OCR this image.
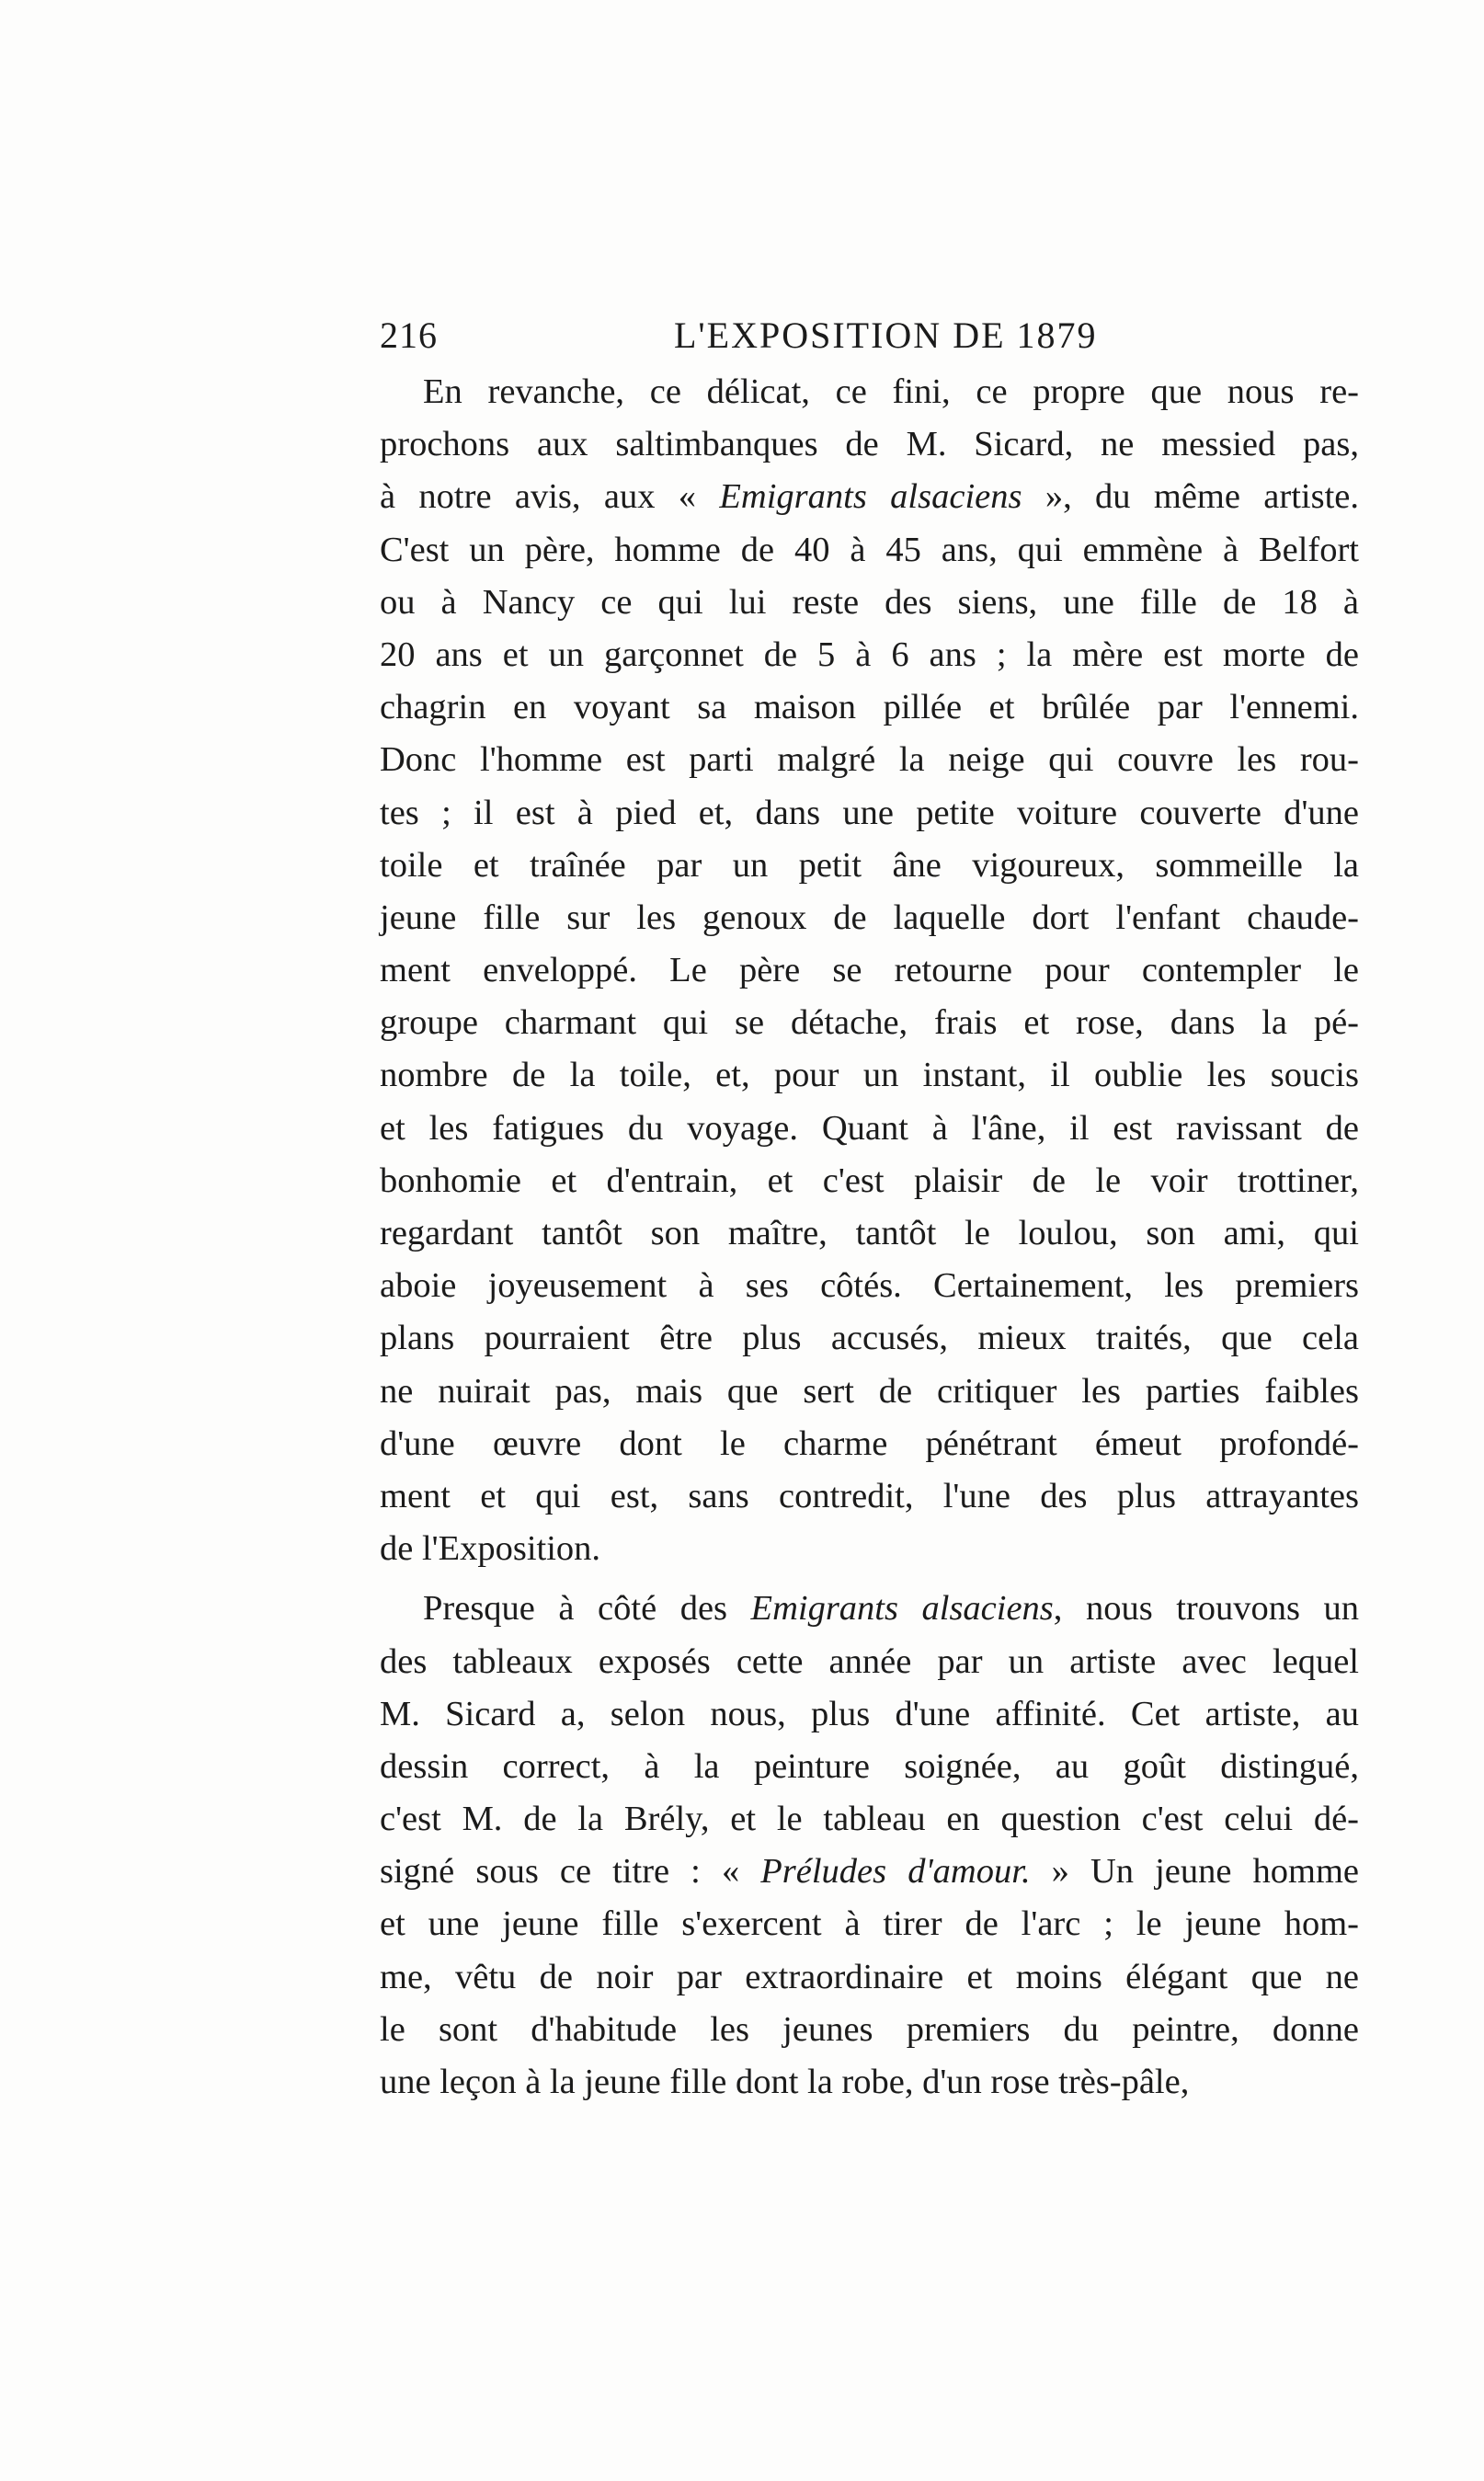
216	L'EXPOSITION DE 1879
En revanche, ce délicat, ce fini, ce propre que nous re-
prochons aux saltimbanques de M. Sicard, ne messied pas,
à notre avis, aux « Emigrants alsaciens », du même artiste.
C'est un père, homme de 40 à 45 ans, qui emmène à Belfort
ou à Nancy ce qui lui reste des siens, une fille de 18 à
20 ans et un garçonnet de 5 à 6 ans ; la mère est morte de
chagrin en voyant sa maison pillée et brûlée par l'ennemi.
Donc l'homme est parti malgré la neige qui couvre les rou-
tes ; il est à pied et, dans une petite voiture couverte d'une
toile et traînée par un petit âne vigoureux, sommeille la
jeune fille sur les genoux de laquelle dort l'enfant chaude-
ment enveloppé. Le père se retourne pour contempler le
groupe charmant qui se détache, frais et rose, dans la pé-
nombre de la toile, et, pour un instant, il oublie les soucis
et les fatigues du voyage. Quant à l'âne, il est ravissant de
bonhomie et d'entrain, et c'est plaisir de le voir trottiner,
regardant tantôt son maître, tantôt le loulou, son ami, qui
aboie joyeusement à ses côtés. Certainement, les premiers
plans pourraient être plus accusés, mieux traités, que cela
ne nuirait pas, mais que sert de critiquer les parties faibles
d'une œuvre dont le charme pénétrant émeut profondé-
ment et qui est, sans contredit, l'une des plus attrayantes
de l'Exposition.
Presque à côté des Emigrants alsaciens, nous trouvons un
des tableaux exposés cette année par un artiste avec lequel
M. Sicard a, selon nous, plus d'une affinité. Cet artiste, au
dessin correct, à la peinture soignée, au goût distingué,
c'est M. de la Brély, et le tableau en question c'est celui dé-
signé sous ce titre : « Préludes d'amour. » Un jeune homme
et une jeune fille s'exercent à tirer de l'arc ; le jeune hom-
me, vêtu de noir par extraordinaire et moins élégant que ne
le sont d'habitude les jeunes premiers du peintre, donne
une leçon à la jeune fille dont la robe, d'un rose très-pâle,
